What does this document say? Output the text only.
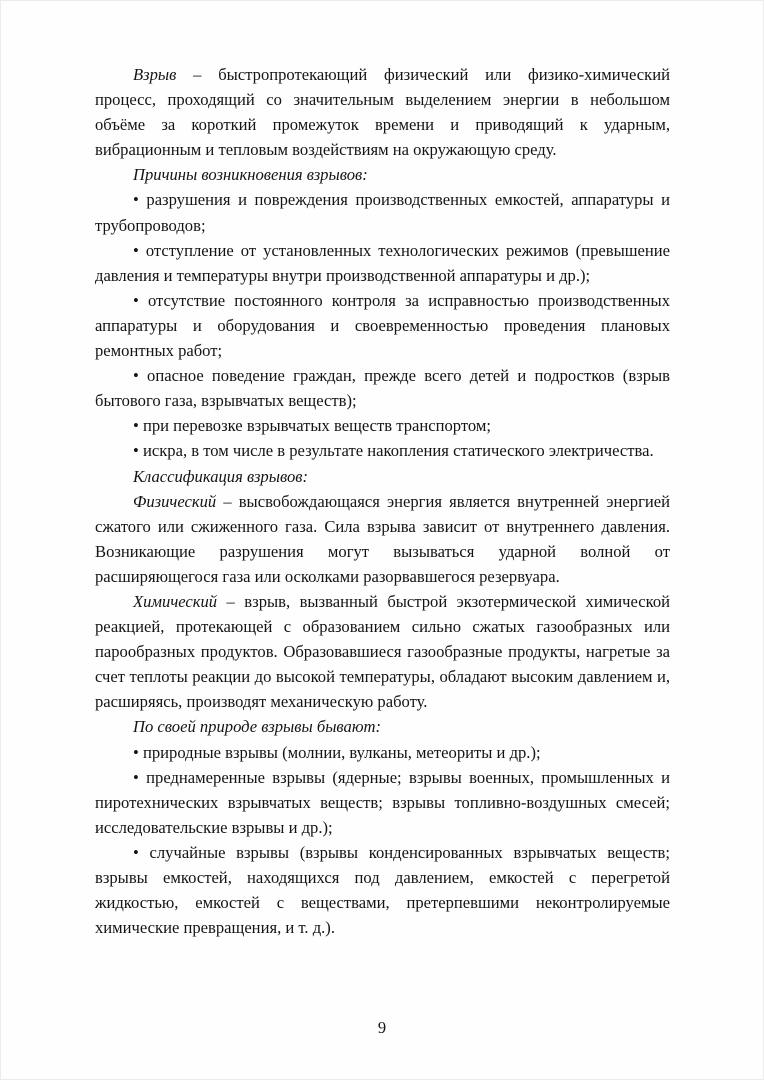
Взрыв – быстропротекающий физический или физико-химический процесс, проходящий со значительным выделением энергии в небольшом объёме за короткий промежуток времени и приводящий к ударным, вибрационным и тепловым воздействиям на окружающую среду.

Причины возникновения взрывов:

• разрушения и повреждения производственных емкостей, аппаратуры и трубопроводов;

• отступление от установленных технологических режимов (превышение давления и температуры внутри производственной аппаратуры и др.);

• отсутствие постоянного контроля за исправностью производственных аппаратуры и оборудования и своевременностью проведения плановых ремонтных работ;

• опасное поведение граждан, прежде всего детей и подростков (взрыв бытового газа, взрывчатых веществ);

• при перевозке взрывчатых веществ транспортом;

• искра, в том числе в результате накопления статического электричества.

Классификация взрывов:

Физический – высвобождающаяся энергия является внутренней энергией сжатого или сжиженного газа. Сила взрыва зависит от внутреннего давления. Возникающие разрушения могут вызываться ударной волной от расширяющегося газа или осколками разорвавшегося резервуара.

Химический – взрыв, вызванный быстрой экзотермической химической реакцией, протекающей с образованием сильно сжатых газообразных или парообразных продуктов. Образовавшиеся газообразные продукты, нагретые за счет теплоты реакции до высокой температуры, обладают высоким давлением и, расширяясь, производят механическую работу.

По своей природе взрывы бывают:

• природные взрывы (молнии, вулканы, метеориты и др.);

• преднамеренные взрывы (ядерные; взрывы военных, промышленных и пиротехнических взрывчатых веществ; взрывы топливно-воздушных смесей; исследовательские взрывы и др.);

• случайные взрывы (взрывы конденсированных взрывчатых веществ; взрывы емкостей, находящихся под давлением, емкостей с перегретой жидкостью, емкостей с веществами, претерпевшими неконтролируемые химические превращения, и т. д.).

9
